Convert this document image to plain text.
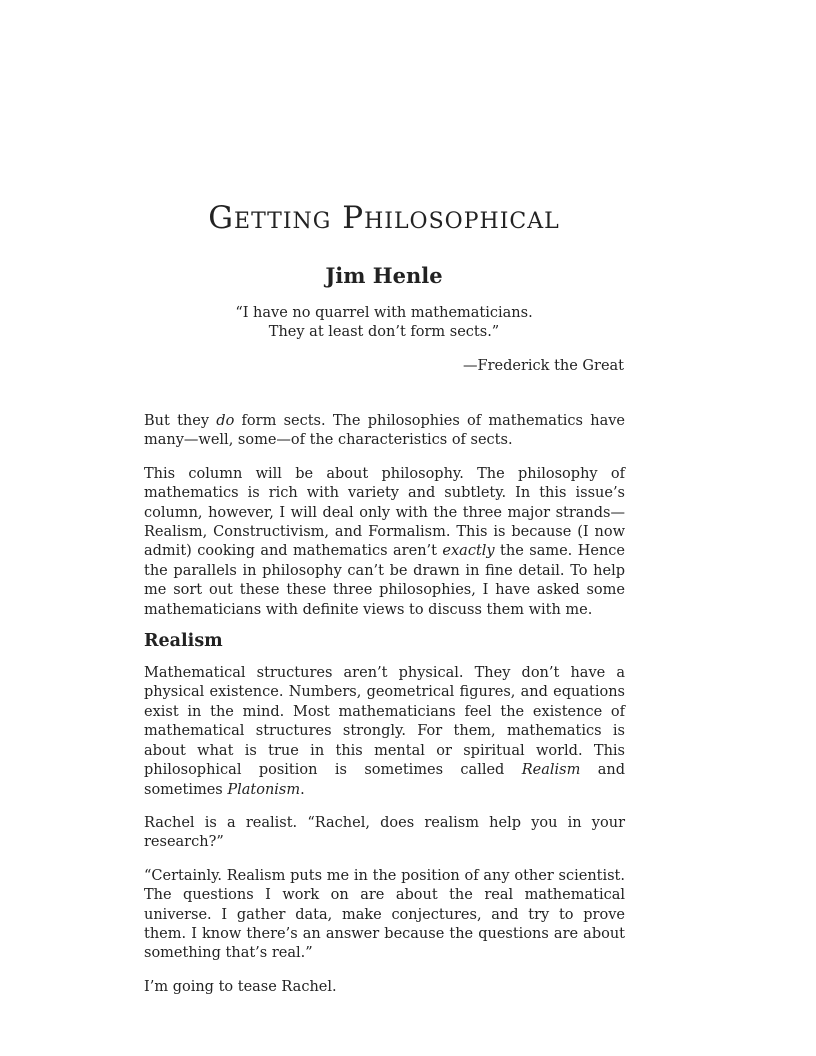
Getting Philosophical
Jim Henle
“I have no quarrel with mathematicians.
They at least don’t form sects.”
—Frederick the Great

But they do form sects. The philosophies of mathematics have many—well, some—of the characteristics of sects.

This column will be about philosophy. The philosophy of mathematics is rich with variety and subtlety. In this issue’s column, however, I will deal only with the three major strands—Realism, Constructivism, and Formalism. This is because (I now admit) cooking and mathematics aren’t exactly the same. Hence the parallels in philosophy can’t be drawn in fine detail. To help me sort out these these three philosophies, I have asked some mathematicians with definite views to discuss them with me.

Realism

Mathematical structures aren’t physical. They don’t have a physical existence. Numbers, geometrical figures, and equations exist in the mind. Most mathematicians feel the existence of mathematical structures strongly. For them, mathematics is about what is true in this mental or spiritual world. This philosophical position is sometimes called Realism and sometimes Platonism.

Rachel is a realist. “Rachel, does realism help you in your research?”

“Certainly. Realism puts me in the position of any other scientist. The questions I work on are about the real mathematical universe. I gather data, make conjectures, and try to prove them. I know there’s an answer because the questions are about something that’s real.”

I’m going to tease Rachel.
